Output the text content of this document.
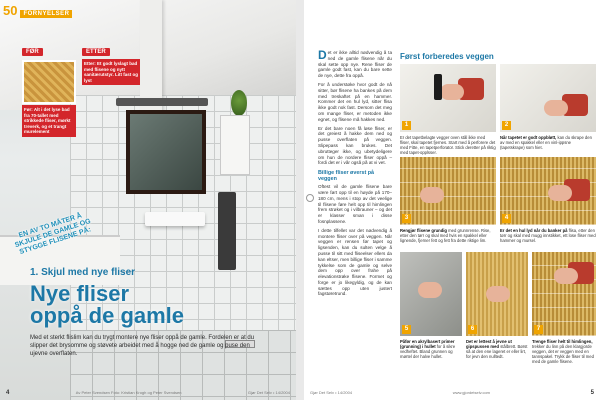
50	FORNYELSER
FØR
Før: Alt i det lyse bad fra 70-tallet med strikkede fliser, mørkt treverk, og et trangt murelement
ETTER
Etter: Et godt lyslagt bad med flisene og nytt sanitærutstyr. Litt fast og lyst
EN AV TO MÅTER Å SKJULE DE GAMLE OG STYGGE FLISENE PÅ:
1. Skjul med nye fliser
Nye fliser
oppå de gamle
Med et sterkt flislim kan du trygt montere nye fliser oppå de gamle. Fordelen er at du slipper det brysomme og støvete arbeidet med å hogge ned de gamle og puse den ujevne overflaten.
4	Av Peter Svendsen Foto: Kristian Krogh og Peter Svendsen	Gjør Det Selv • 14/2004

Det er ikke alltid nødvendig å ta ned de gamle flisene når du skal sette opp nye. Rene fliser de gamle godt fast, kan du bare sette de nye, dette fra oppå.

For å understøke hvor godt de nå sitter, bør flisene ha bankes på dem med treskaftet på en hammer. Kommer det en hul lyd, sitter flisa ikke godt nok fast. Dersom det meg om mange fliser, er metoden ikke egnet, og flisene må hakkes ned.

Er det bare noen få løse fliser, er det greiest å hakke dem ned og pusse overflaten på veggen. Slipepass kan brukes. Det ubrutteger ikke, og ubetydeligere om hun de nordere fliser oppå – fordi det er i vår også på at vi vet.

Billige fliser øverst på veggen

Oftest vil de gamle flisene bare være ført opp til en høyde på 170–180 cm, mens i stop av det veelige til flisene føre helt opp til himlingen frem strøket og i vilbrauner – og det er klasser sman i disse fosnplassene.

I dette tilfellet var det nødvendig å montere fliser over på veggen. Når veggen er rensen før tapet og ligsenden, kan du sulten velge å pusse til sitt med fliseelser ellers da kan eltser, men billige fliser i samme tykkelse som de gamle og selve dem opp over frahe på elevationstrøke flisene. Formet og forge er jo likegyldig, og de kan sættes opp uten justert fagstøretrund.

Først forberedes veggen
1
Er det tapetbelagte vegger oven stål ikke med fliser, skal tapetet fjernes. Start med å perforere det med Fitte, en tapetperforator. Stick deretter på riktig med tapet-opplsser.
2
Når tapetet er godt oppbløtt, kan du skrape den av med en spakkel eller en vinl-ippsne (tapetskrape) som hiet.
3
Rengjør flisene grundig med grunnrense. Rise, etter den tørr og skal med hvis en spakkel eller lignende, fjerner fett og fett fra dette riktige lim.
4
Er det en hul lyd når du banker på flisa, etter den tørr og skal med mugg innstikket, ett lose fliser med hammer og mursel.
5
Påfør en akrylbasert primer (grunning) i hullet for å sikre vedheftet. Bland grunnen og mørtel der halve hullet.
6
Det er lettest å jevne ut gipspussen med stålbrett. Børst så at den ene lageret er eller lirt, for jevn den nulltedt.
7
Trenge fliser helt til himlingen, trekker du linn på den klargjorde veggen, det er veggen med en tannspakel. Trykk de fliser til med med de gamle flisene.
Gjør Det Selv • 14/2004	www.gjordetselv.com	5
